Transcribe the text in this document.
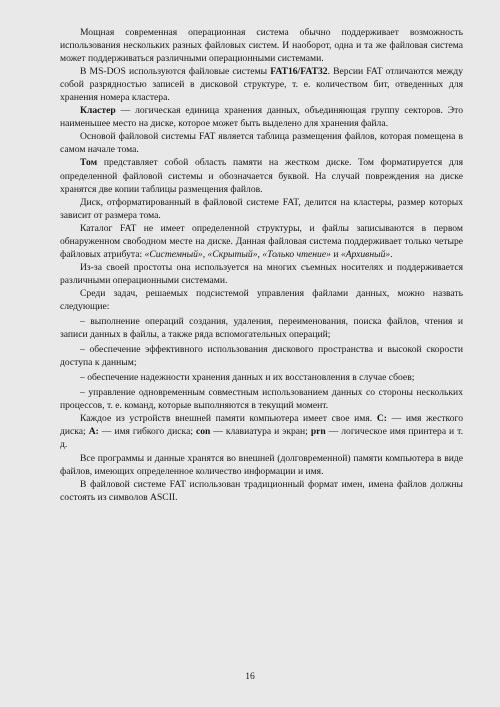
Мощная современная операционная система обычно поддерживает возможность использования нескольких разных файловых систем. И наоборот, одна и та же файловая система может поддерживаться различными операционными системами.

В MS-DOS используются файловые системы FAT16/FAT32. Версии FAT отличаются между собой разрядностью записей в дисковой структуре, т. е. количеством бит, отведенных для хранения номера кластера.

Кластер — логическая единица хранения данных, объединяющая группу секторов. Это наименьшее место на диске, которое может быть выделено для хранения файла.

Основой файловой системы FAT является таблица размещения файлов, которая помещена в самом начале тома.

Том представляет собой область памяти на жестком диске. Том форматируется для определенной файловой системы и обозначается буквой. На случай повреждения на диске хранятся две копии таблицы размещения файлов.

Диск, отформатированный в файловой системе FAT, делится на кластеры, размер которых зависит от размера тома.

Каталог FAT не имеет определенной структуры, и файлы записываются в первом обнаруженном свободном месте на диске. Данная файловая система поддерживает только четыре файловых атрибута: «Системный», «Скрытый», «Только чтение» и «Архивный».

Из-за своей простоты она используется на многих съемных носителях и поддерживается различными операционными системами.

Среди задач, решаемых подсистемой управления файлами данных, можно назвать следующие:

– выполнение операций создания, удаления, переименования, поиска файлов, чтения и записи данных в файлы, а также ряда вспомогательных операций;

– обеспечение эффективного использования дискового пространства и высокой скорости доступа к данным;

– обеспечение надежности хранения данных и их восстановления в случае сбоев;

– управление одновременным совместным использованием данных со стороны нескольких процессов, т. е. команд, которые выполняются в текущий момент.

Каждое из устройств внешней памяти компьютера имеет свое имя. C: — имя жесткого диска; A: — имя гибкого диска; con — клавиатура и экран; prn — логическое имя принтера и т. д.

Все программы и данные хранятся во внешней (долговременной) памяти компьютера в виде файлов, имеющих определенное количество информации и имя.

В файловой системе FAT использован традиционный формат имен, имена файлов должны состоять из символов ASCII.

16
